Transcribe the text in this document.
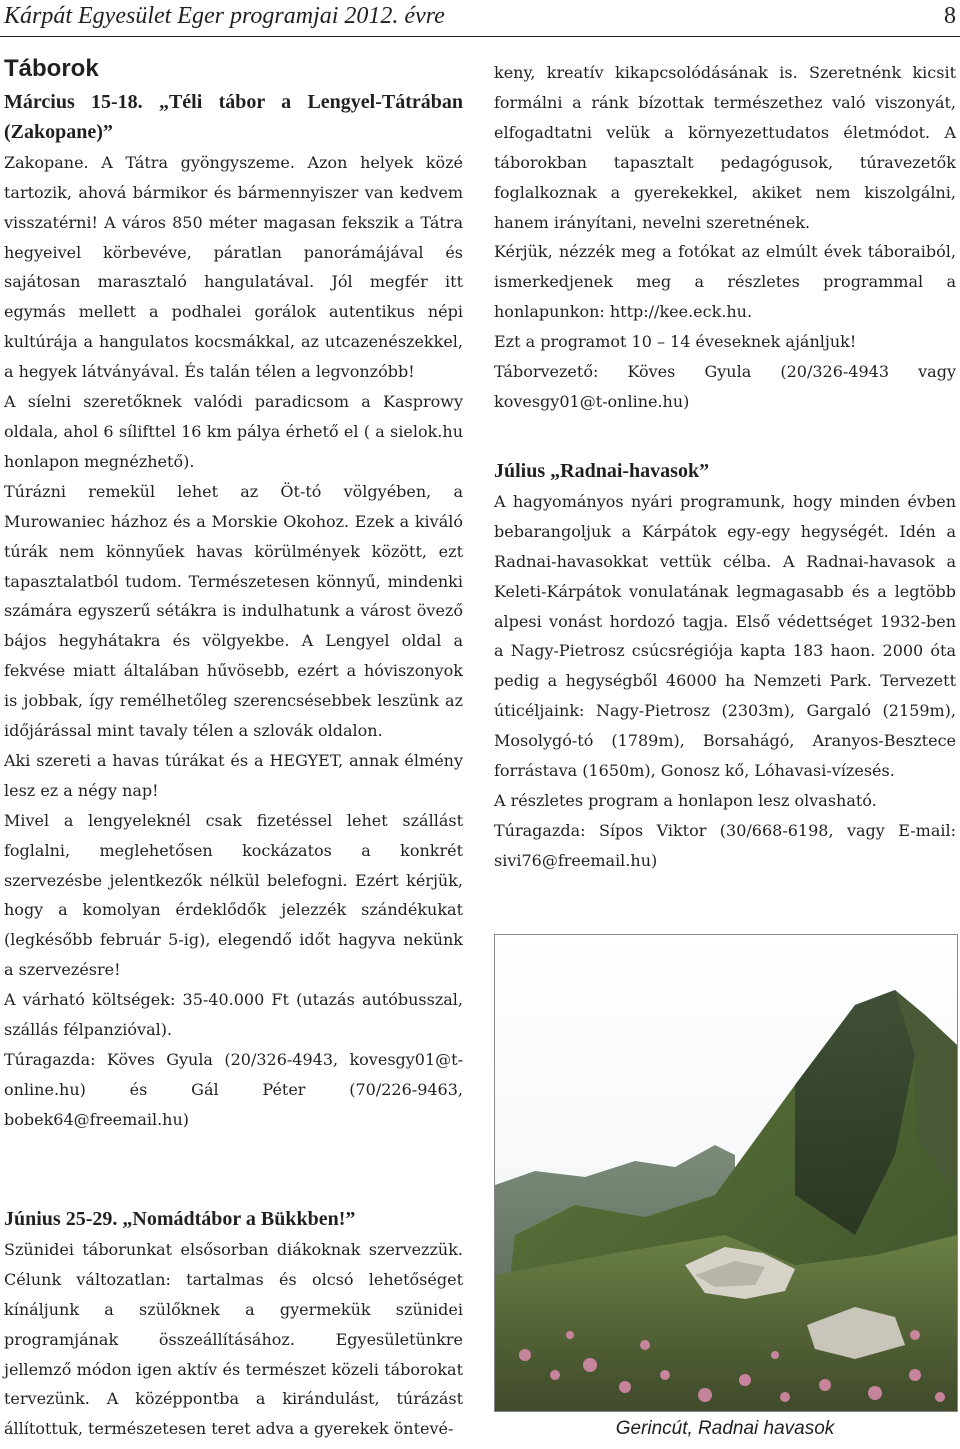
Kárpát Egyesület Eger programjai 2012. évre	8

Táborok

Március 15-18. „Téli tábor a Lengyel-Tátrában (Zakopane)”

Zakopane. A Tátra gyöngyszeme. Azon helyek közé tartozik, ahová bármikor és bármennyiszer van kedvem visszatérni! A város 850 méter magasan fekszik a Tátra hegyeivel körbevéve, páratlan panorámájával és sajátosan marasztaló hangulatával. Jól megfér itt egymás mellett a podhalei gorálok autentikus népi kultúrája a hangulatos kocsmákkal, az utcazenészekkel, a hegyek látványával. És talán télen a legvonzóbb!

A síelni szeretőknek valódi paradicsom a Kasprowy oldala, ahol 6 sílifttel 16 km pálya érhető el ( a sielok.hu honlapon megnézhető).

Túrázni remekül lehet az Öt-tó völgyében, a Murowaniec házhoz és a Morskie Okohoz. Ezek a kiváló túrák nem könnyűek havas körülmények között, ezt tapasztalatból tudom. Természetesen könnyű, mindenki számára egyszerű sétákra is indulhatunk a várost övező bájos hegyhátakra és völgyekbe. A Lengyel oldal a fekvése miatt általában hűvösebb, ezért a hóviszonyok is jobbak, így remélhetőleg szerencsésebbek leszünk az időjárással mint tavaly télen a szlovák oldalon.

Aki szereti a havas túrákat és a HEGYET, annak élmény lesz ez a négy nap!

Mivel a lengyeleknél csak fizetéssel lehet szállást foglalni, meglehetősen kockázatos a konkrét szervezésbe jelentkezők nélkül belefogni. Ezért kérjük, hogy a komolyan érdeklődők jelezzék szándékukat (legkésőbb február 5-ig), elegendő időt hagyva nekünk a szervezésre!

A várható költségek: 35-40.000 Ft (utazás autóbusszal, szállás félpanzióval).

Túragazda: Köves Gyula (20/326-4943, kovesgy01@t-online.hu) és Gál Péter (70/226-9463, bobek64@freemail.hu)

Június 25-29. „Nomádtábor a Bükkben!”

Szünidei táborunkat elsősorban diákoknak szervezzük. Célunk változatlan: tartalmas és olcsó lehetőséget kínáljunk a szülőknek a gyermekük szünidei programjának összeállításához. Egyesületünkre jellemző módon igen aktív és természet közeli táborokat tervezünk. A középpontba a kirándulást, túrázást állítottuk, természetesen teret adva a gyerekek öntevé-

keny, kreatív kikapcsolódásának is. Szeretnénk kicsit formálni a ránk bízottak természethez való viszonyát, elfogadtatni velük a környezettudatos életmódot. A táborokban tapasztalt pedagógusok, túravezetők foglalkoznak a gyerekekkel, akiket nem kiszolgálni, hanem irányítani, nevelni szeretnének.

Kérjük, nézzék meg a fotókat az elmúlt évek táboraiból, ismerkedjenek meg a részletes programmal a honlapunkon: http://kee.eck.hu.

Ezt a programot 10 – 14 éveseknek ajánljuk!

Táborvezető: Köves Gyula (20/326-4943 vagy kovesgy01@t-online.hu)

Július „Radnai-havasok”

A hagyományos nyári programunk, hogy minden évben bebarangoljuk a Kárpátok egy-egy hegységét. Idén a Radnai-havasokkat vettük célba. A Radnai-havasok a Keleti-Kárpátok vonulatának legmagasabb és a legtöbb alpesi vonást hordozó tagja. Első védettséget 1932-ben a Nagy-Pietrosz csúcsrégiója kapta 183 haon. 2000 óta pedig a hegységből 46000 ha Nemzeti Park. Tervezett úticéljaink: Nagy-Pietrosz (2303m), Gargaló (2159m), Mosolygó-tó (1789m), Borsahágó, Aranyos-Besztece forrástava (1650m), Gonosz kő, Lóhavasi-vízesés.

A részletes program a honlapon lesz olvasható.

Túragazda: Sípos Viktor (30/668-6198, vagy E-mail: sivi76@freemail.hu)

Gerincút, Radnai havasok
